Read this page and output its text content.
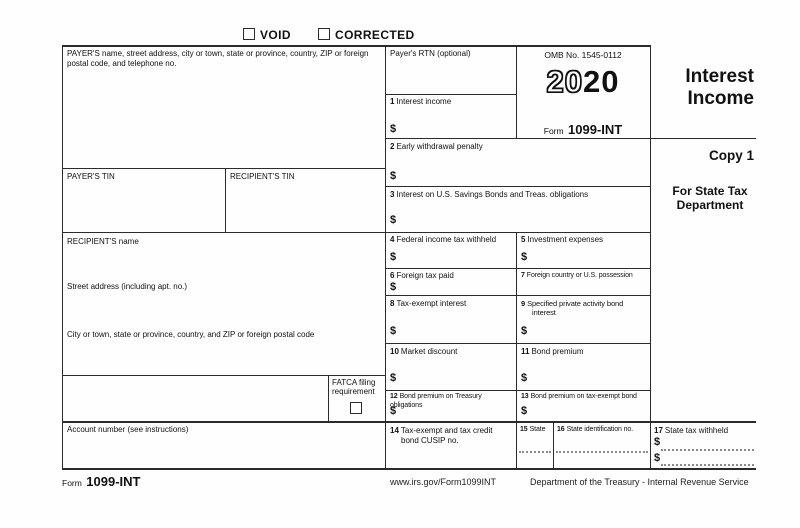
VOID	CORRECTED
PAYER'S name, street address, city or town, state or province, country, ZIP or foreign postal code, and telephone no.
PAYER'S TIN	RECIPIENT'S TIN
RECIPIENT'S name
Street address (including apt. no.)
City or town, state or province, country, and ZIP or foreign postal code
FATCA filing
requirement
Account number (see instructions)
Payer's RTN (optional)	OMB No. 1545-0112
2020
Form 1099-INT
1 Interest income
$
2 Early withdrawal penalty
$
3 Interest on U.S. Savings Bonds and Treas. obligations
$
4 Federal income tax withheld
$
5 Investment expenses
$
6 Foreign tax paid
$
7 Foreign country or U.S. possession
8 Tax-exempt interest
$
9 Specified private activity bond interest
$
10 Market discount
$
11 Bond premium
$
12 Bond premium on Treasury obligations
$
13 Bond premium on tax-exempt bond
$
14 Tax-exempt and tax credit bond CUSIP no.
15 State 16 State identification no.	17 State tax withheld
$
$
Interest
Income
Copy 1
For State Tax
Department
Form 1099-INT	www.irs.gov/Form1099INT	Department of the Treasury - Internal Revenue Service
